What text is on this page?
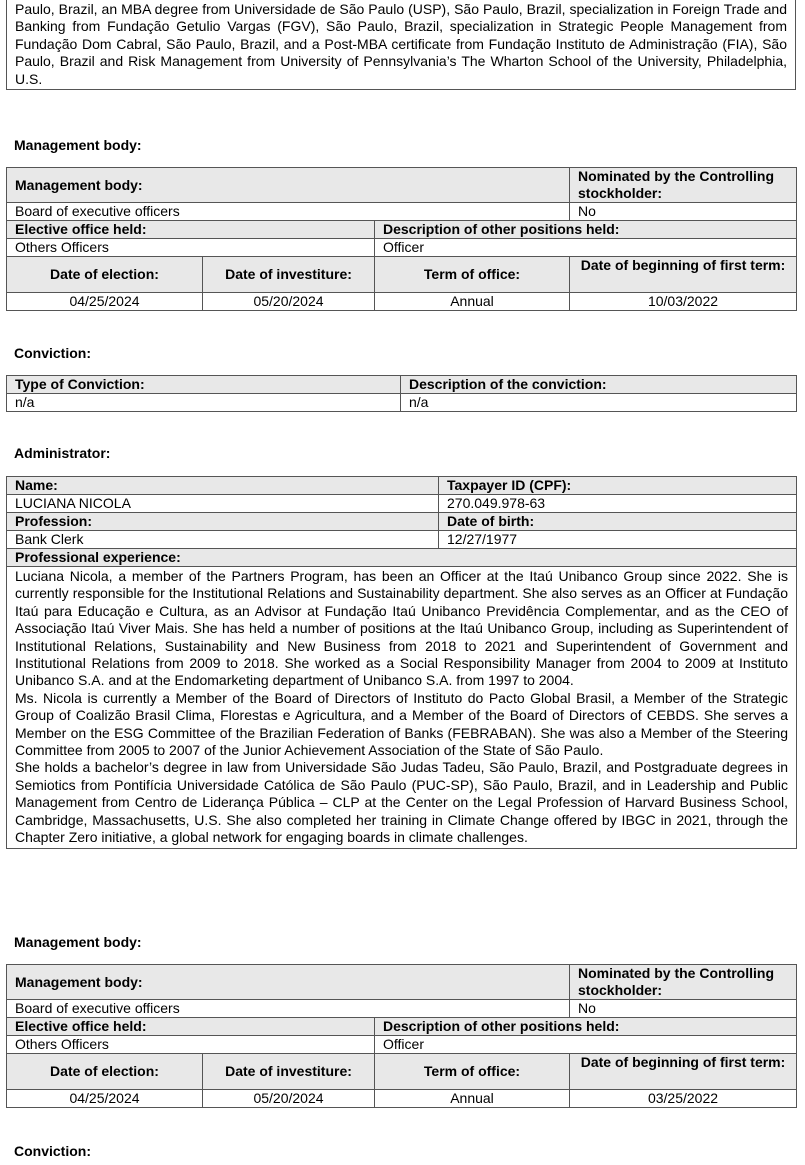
Paulo, Brazil, an MBA degree from Universidade de São Paulo (USP), São Paulo, Brazil, specialization in Foreign Trade and Banking from Fundação Getulio Vargas (FGV), São Paulo, Brazil, specialization in Strategic People Management from Fundação Dom Cabral, São Paulo, Brazil, and a Post-MBA certificate from Fundação Instituto de Administração (FIA), São Paulo, Brazil and Risk Management from University of Pennsylvania’s The Wharton School of the University, Philadelphia, U.S.

Management body:

Management body:			Nominated by the Controlling stockholder:
Board of executive officers			No
Elective office held:		Description of other positions held:	
Others Officers		Officer	
Date of election:	Date of investiture:	Term of office:	Date of beginning of first term:
04/25/2024	05/20/2024	Annual	10/03/2022

Conviction:

Type of Conviction:	Description of the conviction:
n/a	n/a

Administrator:

Name:	Taxpayer ID (CPF):
LUCIANA NICOLA	270.049.978-63
Profession:	Date of birth:
Bank Clerk	12/27/1977
Professional experience:	

Luciana Nicola, a member of the Partners Program, has been an Officer at the Itaú Unibanco Group since 2022. She is currently responsible for the Institutional Relations and Sustainability department. She also serves as an Officer at Fundação Itaú para Educação e Cultura, as an Advisor at Fundação Itaú Unibanco Previdência Complementar, and as the CEO of Associação Itaú Viver Mais. She has held a number of positions at the Itaú Unibanco Group, including as Superintendent of Institutional Relations, Sustainability and New Business from 2018 to 2021 and Superintendent of Government and Institutional Relations from 2009 to 2018. She worked as a Social Responsibility Manager from 2004 to 2009 at Instituto Unibanco S.A. and at the Endomarketing department of Unibanco S.A. from 1997 to 2004.
Ms. Nicola is currently a Member of the Board of Directors of Instituto do Pacto Global Brasil, a Member of the Strategic Group of Coalizão Brasil Clima, Florestas e Agricultura, and a Member of the Board of Directors of CEBDS. She serves a Member on the ESG Committee of the Brazilian Federation of Banks (FEBRABAN). She was also a Member of the Steering Committee from 2005 to 2007 of the Junior Achievement Association of the State of São Paulo.
She holds a bachelor’s degree in law from Universidade São Judas Tadeu, São Paulo, Brazil, and Postgraduate degrees in Semiotics from Pontifícia Universidade Católica de São Paulo (PUC-SP), São Paulo, Brazil, and in Leadership and Public Management from Centro de Liderança Pública – CLP at the Center on the Legal Profession of Harvard Business School, Cambridge, Massachusetts, U.S. She also completed her training in Climate Change offered by IBGC in 2021, through the Chapter Zero initiative, a global network for engaging boards in climate challenges.	

Management body:

Management body:			Nominated by the Controlling stockholder:
Board of executive officers			No
Elective office held:		Description of other positions held:	
Others Officers		Officer	
Date of election:	Date of investiture:	Term of office:	Date of beginning of first term:
04/25/2024	05/20/2024	Annual	03/25/2022

Conviction:
